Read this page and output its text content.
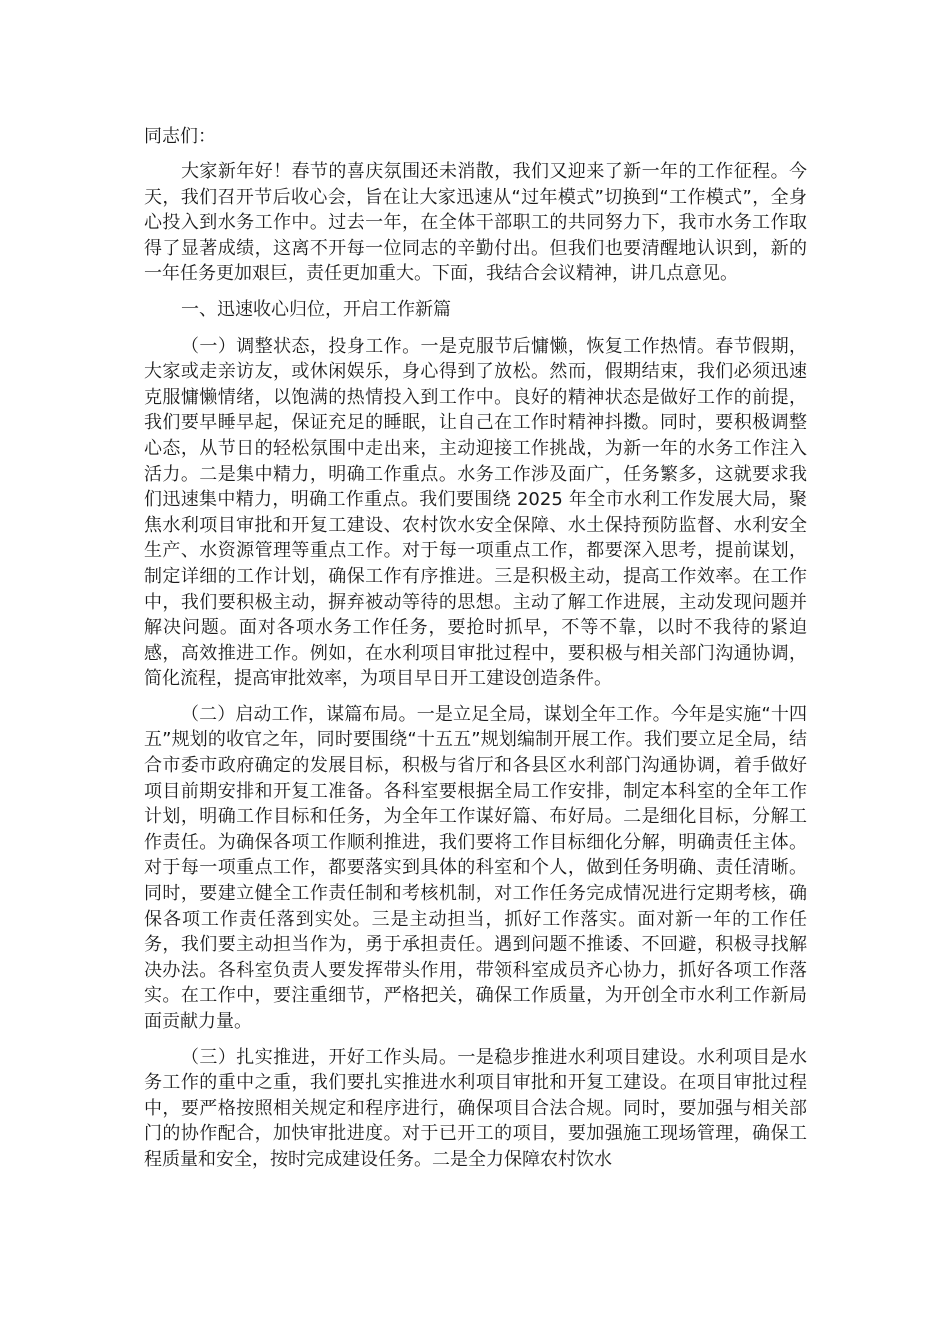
同志们：

大家新年好！春节的喜庆氛围还未消散，我们又迎来了新一年的工作征程。今天，我们召开节后收心会，旨在让大家迅速从“过年模式”切换到“工作模式”，全身心投入到水务工作中。过去一年，在全体干部职工的共同努力下，我市水务工作取得了显著成绩，这离不开每一位同志的辛勤付出。但我们也要清醒地认识到，新的一年任务更加艰巨，责任更加重大。下面，我结合会议精神，讲几点意见。

一、迅速收心归位，开启工作新篇

（一）调整状态，投身工作。一是克服节后慵懒，恢复工作热情。春节假期，大家或走亲访友，或休闲娱乐，身心得到了放松。然而，假期结束，我们必须迅速克服慵懒情绪，以饱满的热情投入到工作中。良好的精神状态是做好工作的前提，我们要早睡早起，保证充足的睡眠，让自己在工作时精神抖擞。同时，要积极调整心态，从节日的轻松氛围中走出来，主动迎接工作挑战，为新一年的水务工作注入活力。二是集中精力，明确工作重点。水务工作涉及面广，任务繁多，这就要求我们迅速集中精力，明确工作重点。我们要围绕 2025 年全市水利工作发展大局，聚焦水利项目审批和开复工建设、农村饮水安全保障、水土保持预防监督、水利安全生产、水资源管理等重点工作。对于每一项重点工作，都要深入思考，提前谋划，制定详细的工作计划，确保工作有序推进。三是积极主动，提高工作效率。在工作中，我们要积极主动，摒弃被动等待的思想。主动了解工作进展，主动发现问题并解决问题。面对各项水务工作任务，要抢时抓早，不等不靠，以时不我待的紧迫感，高效推进工作。例如，在水利项目审批过程中，要积极与相关部门沟通协调，简化流程，提高审批效率，为项目早日开工建设创造条件。

（二）启动工作，谋篇布局。一是立足全局，谋划全年工作。今年是实施“十四五”规划的收官之年，同时要围绕“十五五”规划编制开展工作。我们要立足全局，结合市委市政府确定的发展目标，积极与省厅和各县区水利部门沟通协调，着手做好项目前期安排和开复工准备。各科室要根据全局工作安排，制定本科室的全年工作计划，明确工作目标和任务，为全年工作谋好篇、布好局。二是细化目标，分解工作责任。为确保各项工作顺利推进，我们要将工作目标细化分解，明确责任主体。对于每一项重点工作，都要落实到具体的科室和个人，做到任务明确、责任清晰。同时，要建立健全工作责任制和考核机制，对工作任务完成情况进行定期考核，确保各项工作责任落到实处。三是主动担当，抓好工作落实。面对新一年的工作任务，我们要主动担当作为，勇于承担责任。遇到问题不推诿、不回避，积极寻找解决办法。各科室负责人要发挥带头作用，带领科室成员齐心协力，抓好各项工作落实。在工作中，要注重细节，严格把关，确保工作质量，为开创全市水利工作新局面贡献力量。

（三）扎实推进，开好工作头局。一是稳步推进水利项目建设。水利项目是水务工作的重中之重，我们要扎实推进水利项目审批和开复工建设。在项目审批过程中，要严格按照相关规定和程序进行，确保项目合法合规。同时，要加强与相关部门的协作配合，加快审批进度。对于已开工的项目，要加强施工现场管理，确保工程质量和安全，按时完成建设任务。二是全力保障农村饮水
